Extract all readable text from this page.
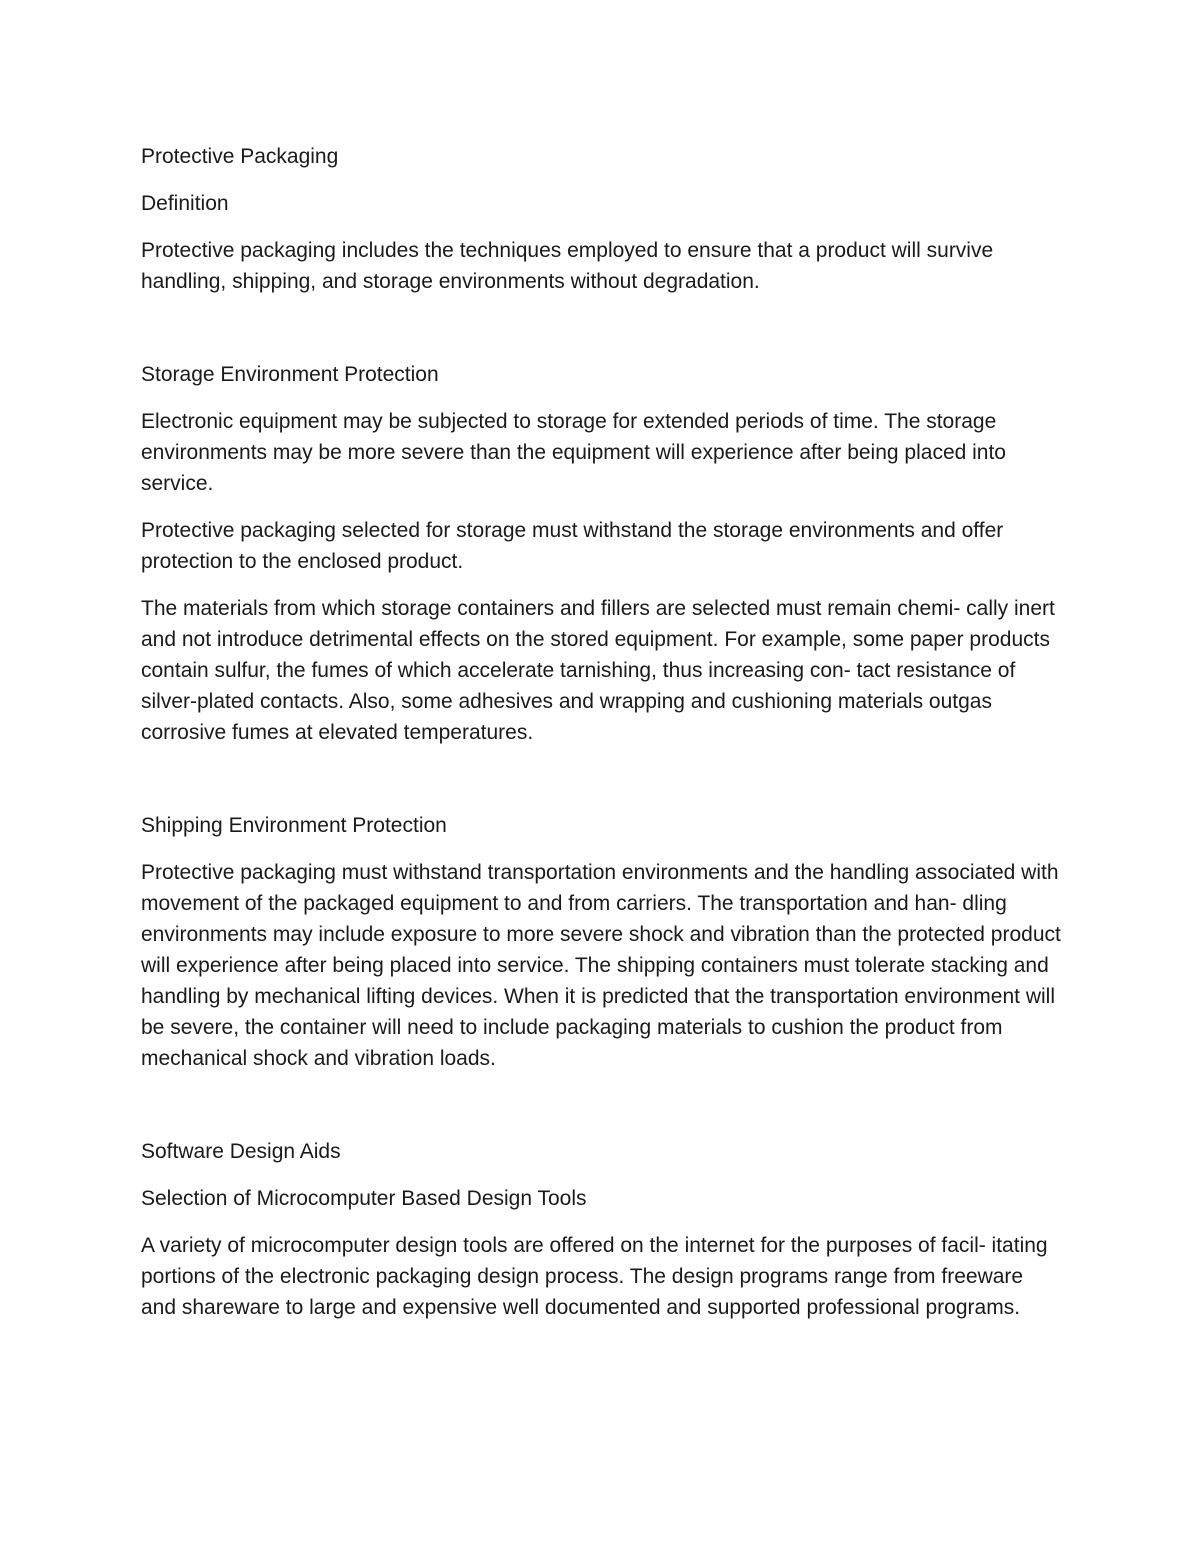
Protective Packaging

Definition

Protective packaging includes the techniques employed to ensure that a product will survive handling, shipping, and storage environments without degradation.

Storage Environment Protection

Electronic equipment may be subjected to storage for extended periods of time. The storage environments may be more severe than the equipment will experience after being placed into service.

Protective packaging selected for storage must withstand the storage environments and offer protection to the enclosed product.

The materials from which storage containers and fillers are selected must remain chemi- cally inert and not introduce detrimental effects on the stored equipment. For example, some paper products contain sulfur, the fumes of which accelerate tarnishing, thus increasing con- tact resistance of silver-plated contacts. Also, some adhesives and wrapping and cushioning materials outgas corrosive fumes at elevated temperatures.

Shipping Environment Protection

Protective packaging must withstand transportation environments and the handling associated with movement of the packaged equipment to and from carriers. The transportation and han- dling environments may include exposure to more severe shock and vibration than the protected product will experience after being placed into service. The shipping containers must tolerate stacking and handling by mechanical lifting devices. When it is predicted that the transportation environment will be severe, the container will need to include packaging materials to cushion the product from mechanical shock and vibration loads.

Software Design Aids

Selection of Microcomputer Based Design Tools

A variety of microcomputer design tools are offered on the internet for the purposes of facil- itating portions of the electronic packaging design process. The design programs range from freeware and shareware to large and expensive well documented and supported professional programs.
